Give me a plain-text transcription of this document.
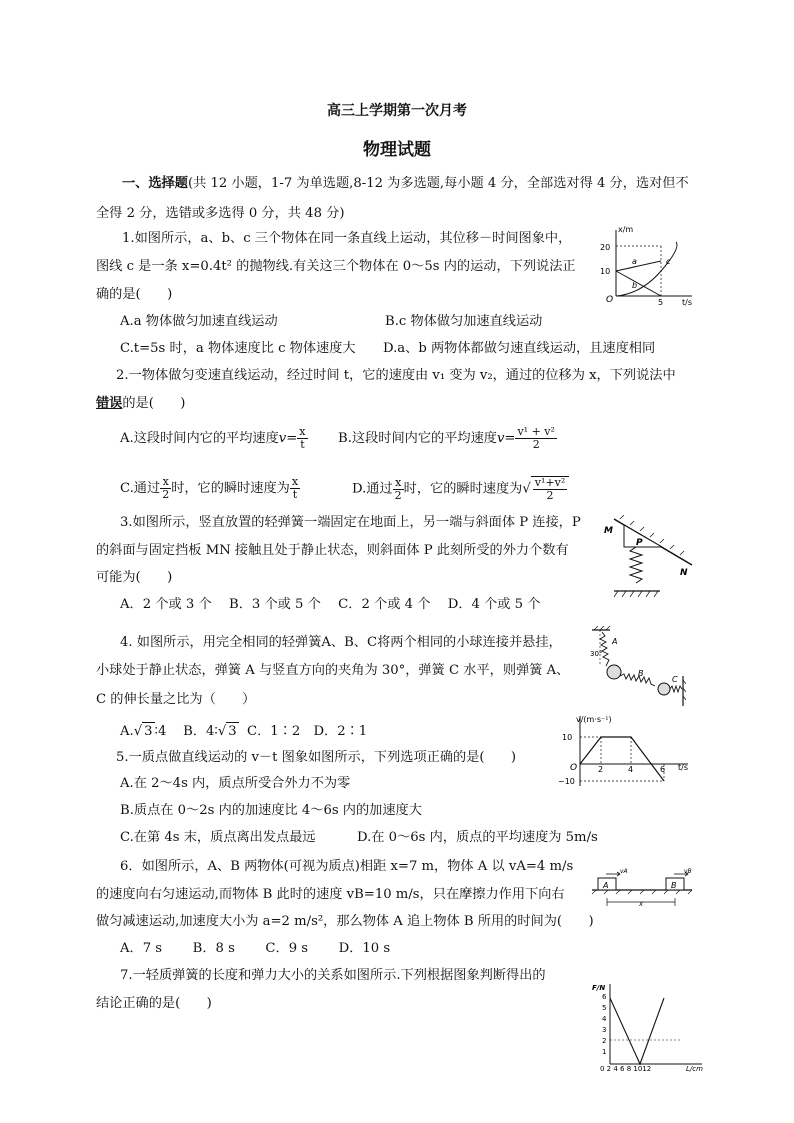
高三上学期第一次月考
物理试题
一、选择题(共 12 小题，1-7 为单选题,8-12 为多选题,每小题 4 分，全部选对得 4 分，选对但不
全得 2 分，选错或多选得 0 分，共 48 分)
1.如图所示，a、b、c 三个物体在同一条直线上运动，其位移－时间图象中，
图线 c 是一条 x=0.4t² 的抛物线.有关这三个物体在 0～5s 内的运动，下列说法正
确的是(　　)
A.a 物体做匀加速直线运动	B.c 物体做匀加速直线运动
C.t=5s 时，a 物体速度比 c 物体速度大 D.a、b 两物体都做匀速直线运动，且速度相同
x/m
t/s
20
10
O	5
a
b
c
2.一物体做匀变速直线运动，经过时间 t，它的速度由 v₁ 变为 v₂，通过的位移为 x，下列说法中
错误的是(　　)
A.这段时间内它的平均速度$v= \frac{x}{t} B$.这段时间内它的平均速度$v= \frac{\text{v¹ + v²}}{2}$
C.通过 $\frac{x}{2}$ 时，它的瞬时速度为 $\frac{x}{t}$	D.通过 $\frac{x}{2}$ 时，它的瞬时速度为√ $\frac{\text{v¹+v²}}{2}$
3.如图所示，竖直放置的轻弹簧一端固定在地面上，另一端与斜面体 P 连接，P
的斜面与固定挡板 MN 接触且处于静止状态，则斜面体 P 此刻所受的外力个数有
可能为(　　)
A．2 个或 3 个　 B．3 个或 5 个　 C．2 个或 4 个　 D．4 个或 5 个
M
P
N
4. 如图所示，用完全相同的轻弹簧A、B、C将两个相同的小球连接并悬挂，
小球处于静止状态，弹簧 A 与竖直方向的夹角为 30°，弹簧 C 水平，则弹簧 A、
C 的伸长量之比为（　　）
A.√ 3 ∶4 B．4∶√ 3 C．1∶2　D．2∶1
A
30°
B
C
5.一质点做直线运动的 v－t 图象如图所示，下列选项正确的是(　　)
A.在 2～4s 内，质点所受合外力不为零
B.质点在 0～2s 内的加速度比 4～6s 内的加速度大
C.在第 4s 末，质点离出发点最远	D.在 0～6s 内，质点的平均速度为 5m/s
v/(m·s⁻¹)
t/s
10
−10
O	2	4	6
6．如图所示，A、B 两物体(可视为质点)相距 x=7 m，物体 A 以 vA=4 m/s
的速度向右匀速运动,而物体 B 此时的速度 vB=10 m/s，只在摩擦力作用下向右
做匀减速运动,加速度大小为 a=2 m/s²，那么物体 A 追上物体 B 所用的时间为(　　)
A．7 s　　 B．8 s　　 C．9 s　　 D．10 s
A	B
vA	vB
x
7.一轻质弹簧的长度和弹力大小的关系如图所示.下列根据图象判断得出的
结论正确的是(　　)
F/N
L/cm
1
2
3
4
5
6
0 2 4 6 8 1012
